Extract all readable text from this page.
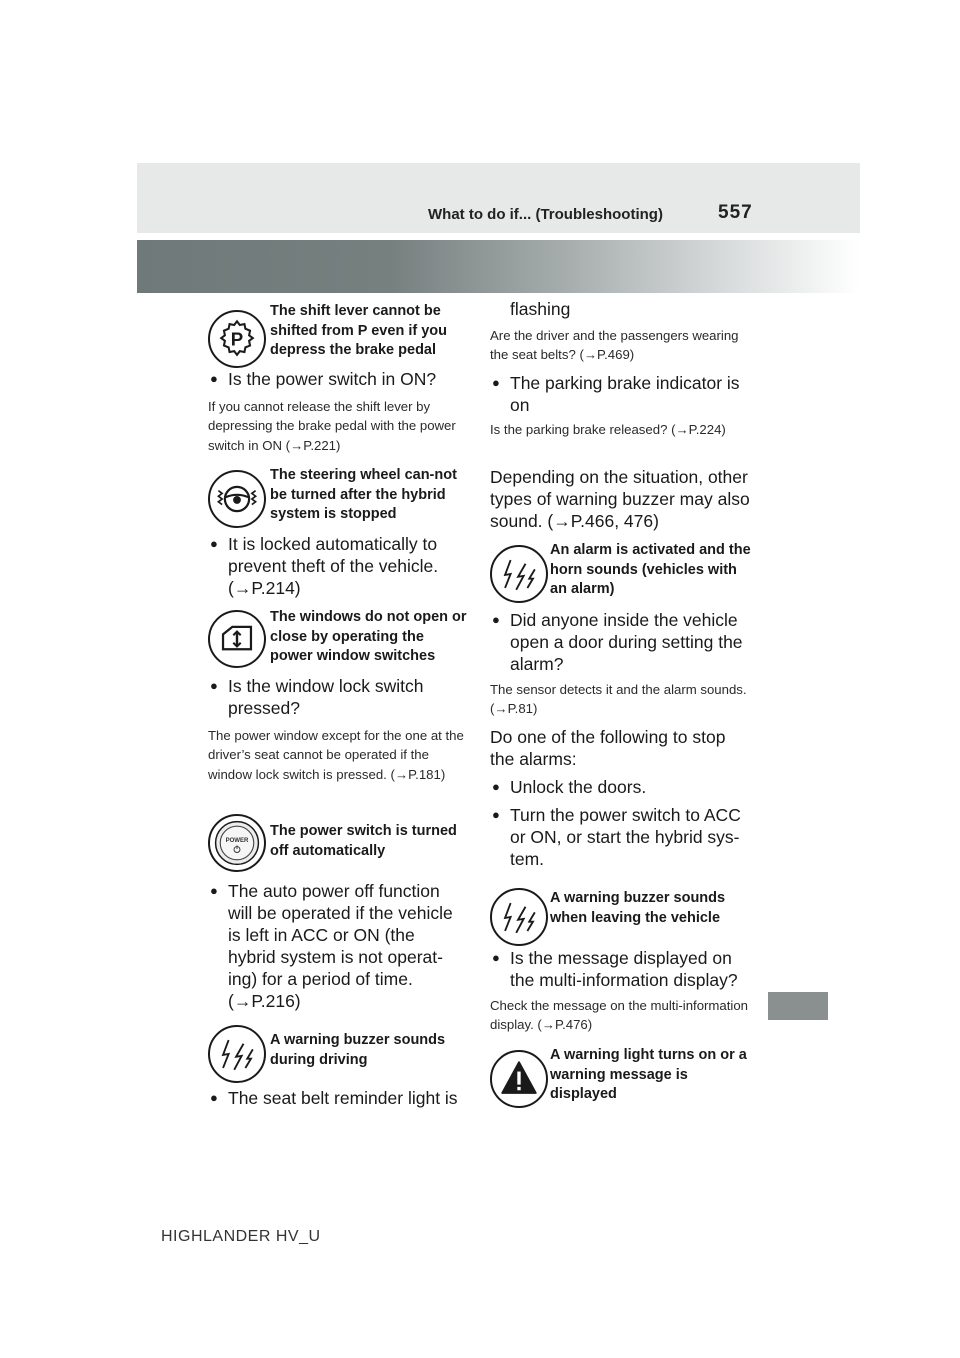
What to do if... (Troubleshooting)	557
P
The shift lever cannot be shifted from P even if you depress the brake pedal
● Is the power switch in ON?
If you cannot release the shift lever by depressing the brake pedal with the power switch in ON (→P.221)
The steering wheel can-not be turned after the hybrid system is stopped
● It is locked automatically to prevent theft of the vehicle. (→P.214)
The windows do not open or close by operating the power window switches
● Is the window lock switch pressed?
The power window except for the one at the driver’s seat cannot be operated if the window lock switch is pressed. (→P.181)
POWER
The power switch is turned off automatically
● The auto power off function will be operated if the vehicle is left in ACC or ON (the hybrid system is not operat-ing) for a period of time. (→P.216)
A warning buzzer sounds during driving
● The seat belt reminder light is
flashing
Are the driver and the passengers wearing the seat belts? (→P.469)
● The parking brake indicator is on
Is the parking brake released? (→P.224)
Depending on the situation, other types of warning buzzer may also sound. (→P.466, 476)
An alarm is activated and the horn sounds (vehicles with an alarm)
● Did anyone inside the vehicle open a door during setting the alarm?
The sensor detects it and the alarm sounds. (→P.81)
Do one of the following to stop the alarms:
● Unlock the doors.
● Turn the power switch to ACC or ON, or start the hybrid sys-tem.
A warning buzzer sounds when leaving the vehicle
● Is the message displayed on the multi-information display?
Check the message on the multi-information display. (→P.476)
A warning light turns on or a warning message is displayed
HIGHLANDER HV_U
